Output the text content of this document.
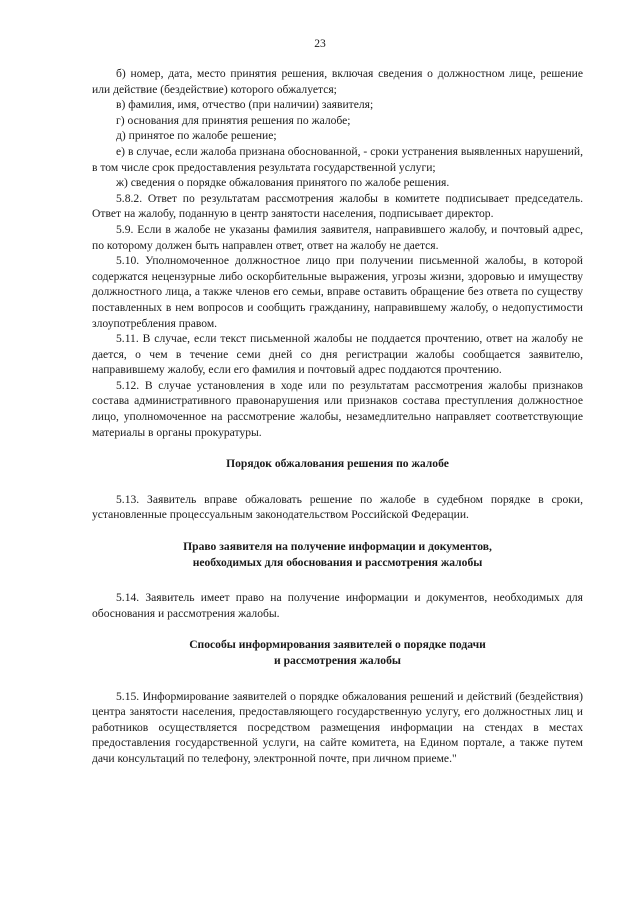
23

б) номер, дата, место принятия решения, включая сведения о должностном лице, решение или действие (бездействие) которого обжалуется;

в) фамилия, имя, отчество (при наличии) заявителя;

г) основания для принятия решения по жалобе;

д) принятое по жалобе решение;

е) в случае, если жалоба признана обоснованной, - сроки устранения выявленных нарушений, в том числе срок предоставления результата государственной услуги;

ж) сведения о порядке обжалования принятого по жалобе решения.

5.8.2. Ответ по результатам рассмотрения жалобы в комитете подписывает председатель. Ответ на жалобу, поданную в центр занятости населения, подписывает директор.

5.9. Если в жалобе не указаны фамилия заявителя, направившего жалобу, и почтовый адрес, по которому должен быть направлен ответ, ответ на жалобу не дается.

5.10. Уполномоченное должностное лицо при получении письменной жалобы, в которой содержатся нецензурные либо оскорбительные выражения, угрозы жизни, здоровью и имуществу должностного лица, а также членов его семьи, вправе оставить обращение без ответа по существу поставленных в нем вопросов и сообщить гражданину, направившему жалобу, о недопустимости злоупотребления правом.

5.11. В случае, если текст письменной жалобы не поддается прочтению, ответ на жалобу не дается, о чем в течение семи дней со дня регистрации жалобы сообщается заявителю, направившему жалобу, если его фамилия и почтовый адрес поддаются прочтению.

5.12. В случае установления в ходе или по результатам рассмотрения жалобы признаков состава административного правонарушения или признаков состава преступления должностное лицо, уполномоченное на рассмотрение жалобы, незамедлительно направляет соответствующие материалы в органы прокуратуры.

Порядок обжалования решения по жалобе

5.13. Заявитель вправе обжаловать решение по жалобе в судебном порядке в сроки, установленные процессуальным законодательством Российской Федерации.

Право заявителя на получение информации и документов,
необходимых для обоснования и рассмотрения жалобы

5.14. Заявитель имеет право на получение информации и документов, необходимых для обоснования и рассмотрения жалобы.

Способы информирования заявителей о порядке подачи
и рассмотрения жалобы

5.15. Информирование заявителей о порядке обжалования решений и действий (бездействия) центра занятости населения, предоставляющего государственную услугу, его должностных лиц и работников осуществляется посредством размещения информации на стендах в местах предоставления государственной услуги, на сайте комитета, на Едином портале, а также путем дачи консультаций по телефону, электронной почте, при личном приеме."
